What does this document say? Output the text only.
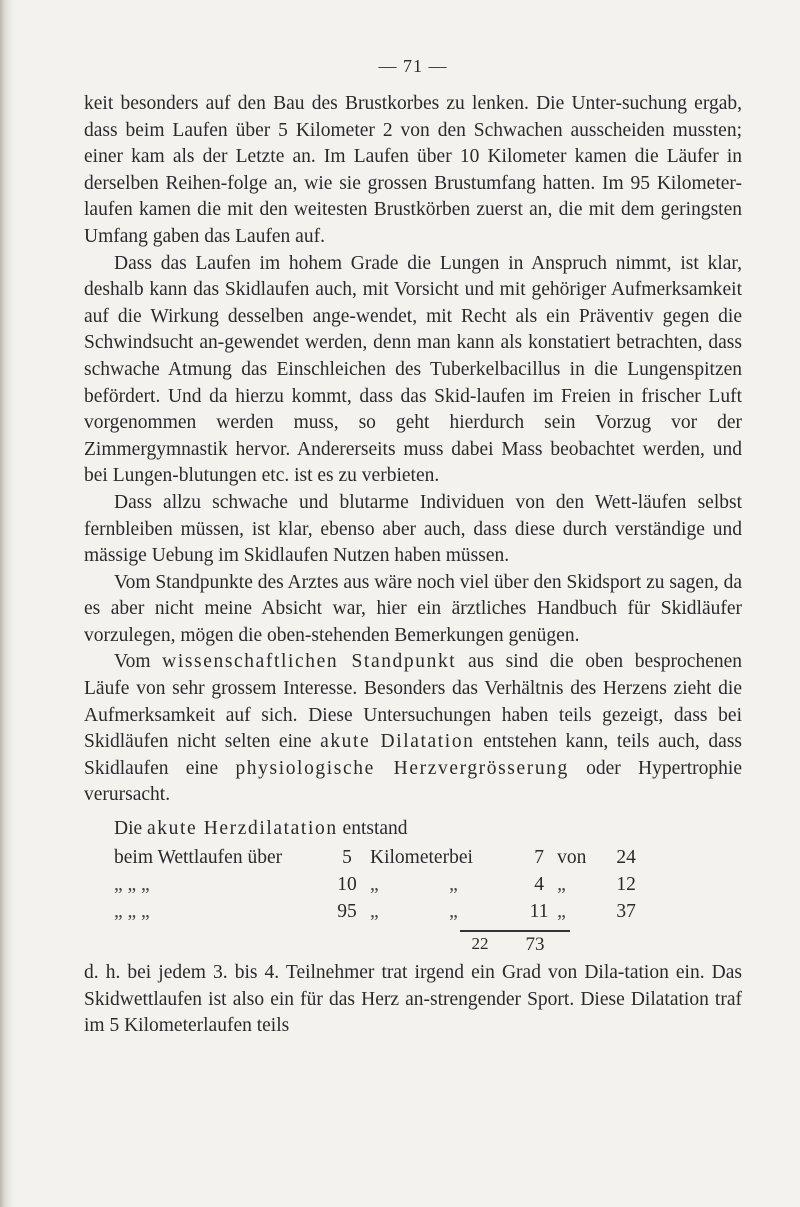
— 71 —

keit besonders auf den Bau des Brustkorbes zu lenken. Die Unter-suchung ergab, dass beim Laufen über 5 Kilometer 2 von den Schwachen ausscheiden mussten; einer kam als der Letzte an. Im Laufen über 10 Kilometer kamen die Läufer in derselben Reihen-folge an, wie sie grossen Brustumfang hatten. Im 95 Kilometer-laufen kamen die mit den weitesten Brustkörben zuerst an, die mit dem geringsten Umfang gaben das Laufen auf.

Dass das Laufen im hohem Grade die Lungen in Anspruch nimmt, ist klar, deshalb kann das Skidlaufen auch, mit Vorsicht und mit gehöriger Aufmerksamkeit auf die Wirkung desselben ange-wendet, mit Recht als ein Präventiv gegen die Schwindsucht an-gewendet werden, denn man kann als konstatiert betrachten, dass schwache Atmung das Einschleichen des Tuberkelbacillus in die Lungenspitzen befördert. Und da hierzu kommt, dass das Skid-laufen im Freien in frischer Luft vorgenommen werden muss, so geht hierdurch sein Vorzug vor der Zimmergymnastik hervor. Andererseits muss dabei Mass beobachtet werden, und bei Lungen-blutungen etc. ist es zu verbieten.

Dass allzu schwache und blutarme Individuen von den Wett-läufen selbst fernbleiben müssen, ist klar, ebenso aber auch, dass diese durch verständige und mässige Uebung im Skidlaufen Nutzen haben müssen.

Vom Standpunkte des Arztes aus wäre noch viel über den Skidsport zu sagen, da es aber nicht meine Absicht war, hier ein ärztliches Handbuch für Skidläufer vorzulegen, mögen die oben-stehenden Bemerkungen genügen.

Vom wissenschaftlichen Standpunkt aus sind die oben besprochenen Läufe von sehr grossem Interesse. Besonders das Verhältnis des Herzens zieht die Aufmerksamkeit auf sich. Diese Untersuchungen haben teils gezeigt, dass bei Skidläufen nicht selten eine akute Dilatation entstehen kann, teils auch, dass Skidlaufen eine physiologische Herzvergrösserung oder Hypertrophie verursacht.

Die akute Herzdilatation entstand
beim Wettlaufen über	5	Kilometer	bei	7	von	24
„ „ „	10	„	„	4	„	12
„ „ „	95	„	„	11	„	37
22	73

d. h. bei jedem 3. bis 4. Teilnehmer trat irgend ein Grad von Dila-tation ein. Das Skidwettlaufen ist also ein für das Herz an-strengender Sport. Diese Dilatation traf im 5 Kilometerlaufen teils
